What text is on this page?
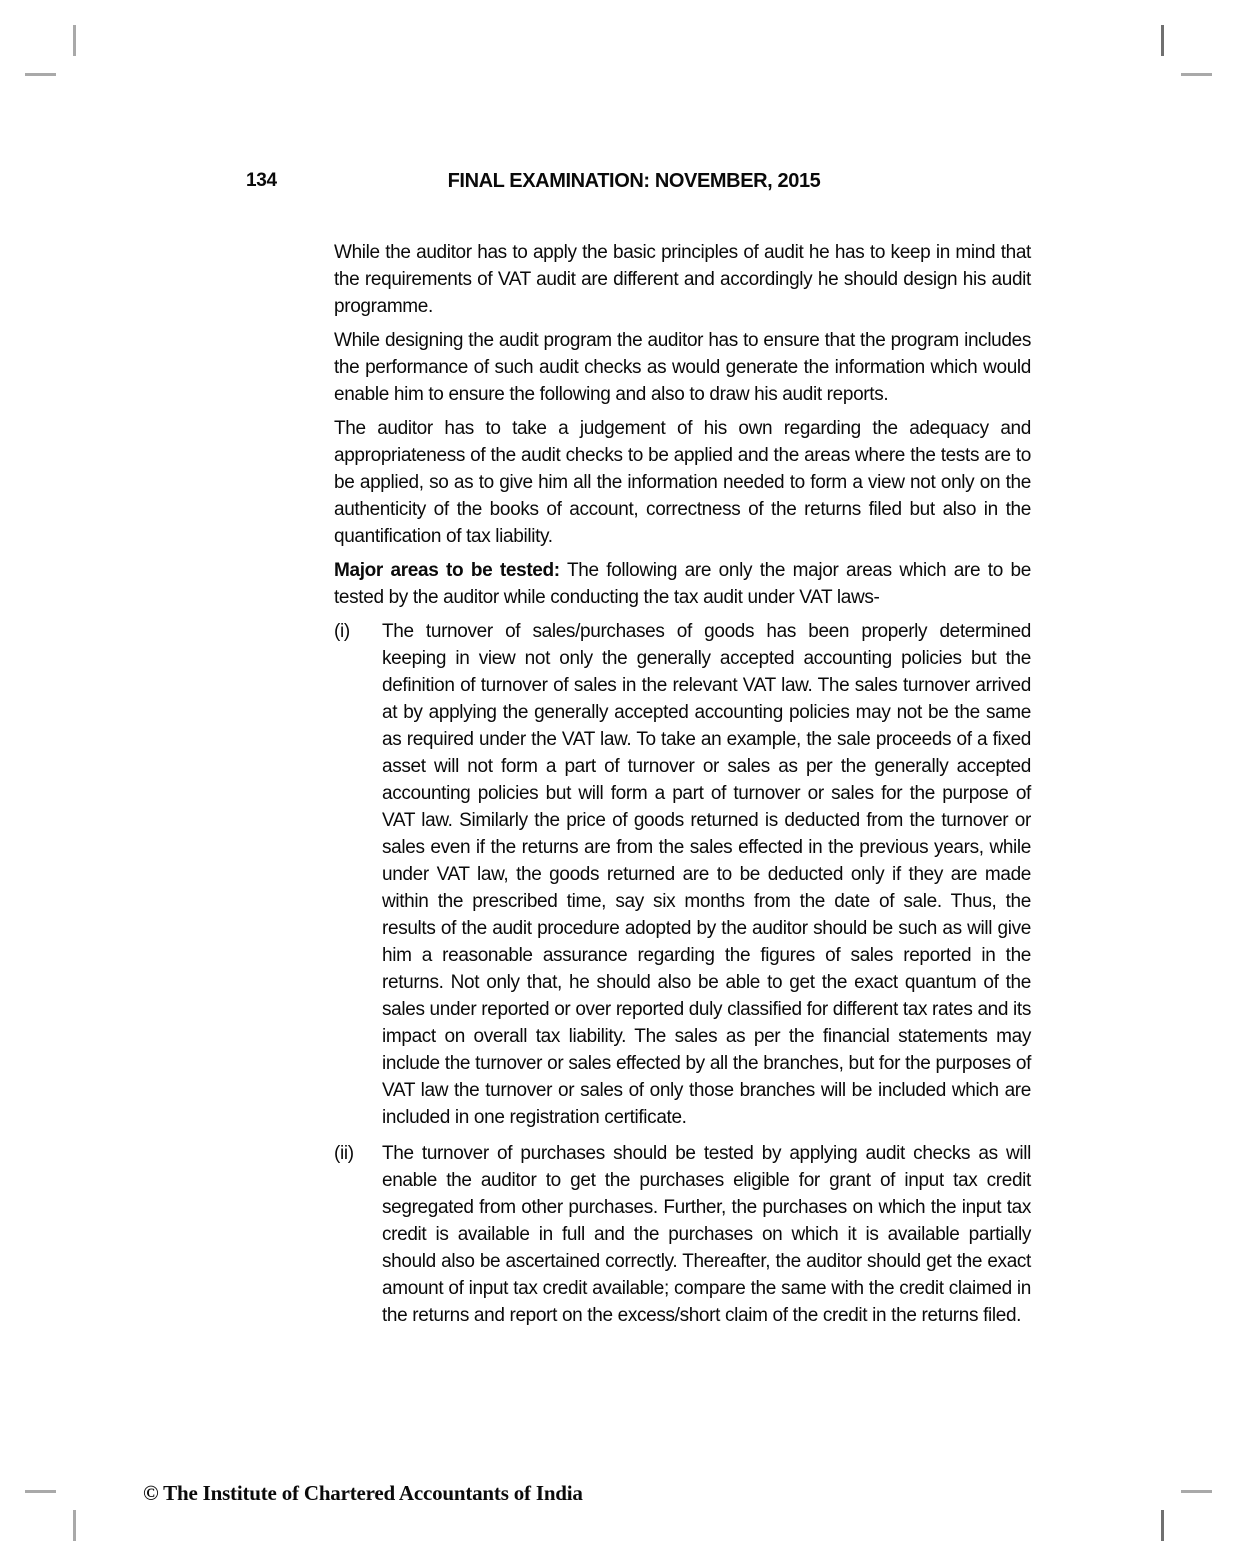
134	FINAL EXAMINATION: NOVEMBER, 2015

While the auditor has to apply the basic principles of audit he has to keep in mind that the requirements of VAT audit are different and accordingly he should design his audit programme.

While designing the audit program the auditor has to ensure that the program includes the performance of such audit checks as would generate the information which would enable him to ensure the following and also to draw his audit reports.

The auditor has to take a judgement of his own regarding the adequacy and appropriateness of the audit checks to be applied and the areas where the tests are to be applied, so as to give him all the information needed to form a view not only on the authenticity of the books of account, correctness of the returns filed but also in the quantification of tax liability.

Major areas to be tested: The following are only the major areas which are to be tested by the auditor while conducting the tax audit under VAT laws-

(i) The turnover of sales/purchases of goods has been properly determined keeping in view not only the generally accepted accounting policies but the definition of turnover of sales in the relevant VAT law. The sales turnover arrived at by applying the generally accepted accounting policies may not be the same as required under the VAT law. To take an example, the sale proceeds of a fixed asset will not form a part of turnover or sales as per the generally accepted accounting policies but will form a part of turnover or sales for the purpose of VAT law. Similarly the price of goods returned is deducted from the turnover or sales even if the returns are from the sales effected in the previous years, while under VAT law, the goods returned are to be deducted only if they are made within the prescribed time, say six months from the date of sale. Thus, the results of the audit procedure adopted by the auditor should be such as will give him a reasonable assurance regarding the figures of sales reported in the returns. Not only that, he should also be able to get the exact quantum of the sales under reported or over reported duly classified for different tax rates and its impact on overall tax liability. The sales as per the financial statements may include the turnover or sales effected by all the branches, but for the purposes of VAT law the turnover or sales of only those branches will be included which are included in one registration certificate.
(ii) The turnover of purchases should be tested by applying audit checks as will enable the auditor to get the purchases eligible for grant of input tax credit segregated from other purchases. Further, the purchases on which the input tax credit is available in full and the purchases on which it is available partially should also be ascertained correctly. Thereafter, the auditor should get the exact amount of input tax credit available; compare the same with the credit claimed in the returns and report on the excess/short claim of the credit in the returns filed.
© The Institute of Chartered Accountants of India
